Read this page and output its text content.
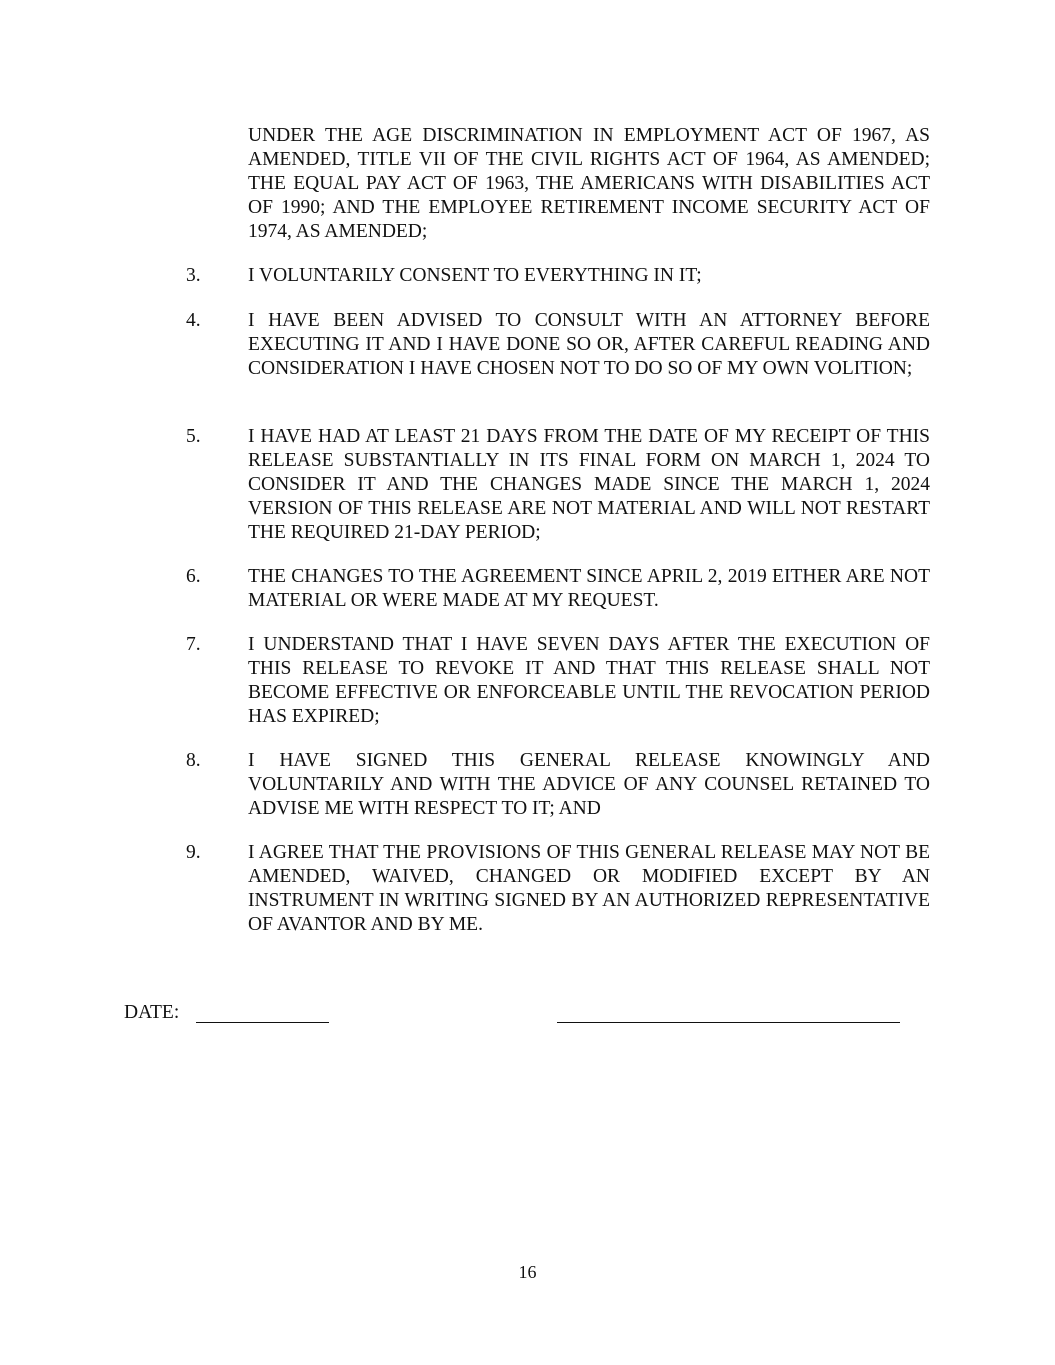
UNDER THE AGE DISCRIMINATION IN EMPLOYMENT ACT OF 1967, AS AMENDED, TITLE VII OF THE CIVIL RIGHTS ACT OF 1964, AS AMENDED; THE EQUAL PAY ACT OF 1963, THE AMERICANS WITH DISABILITIES ACT OF 1990; AND THE EMPLOYEE RETIREMENT INCOME SECURITY ACT OF 1974, AS AMENDED;

3. I VOLUNTARILY CONSENT TO EVERYTHING IN IT;

4. I HAVE BEEN ADVISED TO CONSULT WITH AN ATTORNEY BEFORE EXECUTING IT AND I HAVE DONE SO OR, AFTER CAREFUL READING AND CONSIDERATION I HAVE CHOSEN NOT TO DO SO OF MY OWN VOLITION;

5. I HAVE HAD AT LEAST 21 DAYS FROM THE DATE OF MY RECEIPT OF THIS RELEASE SUBSTANTIALLY IN ITS FINAL FORM ON MARCH 1, 2024 TO CONSIDER IT AND THE CHANGES MADE SINCE THE MARCH 1, 2024 VERSION OF THIS RELEASE ARE NOT MATERIAL AND WILL NOT RESTART THE REQUIRED 21-DAY PERIOD;

6. THE CHANGES TO THE AGREEMENT SINCE APRIL 2, 2019 EITHER ARE NOT MATERIAL OR WERE MADE AT MY REQUEST.

7. I UNDERSTAND THAT I HAVE SEVEN DAYS AFTER THE EXECUTION OF THIS RELEASE TO REVOKE IT AND THAT THIS RELEASE SHALL NOT BECOME EFFECTIVE OR ENFORCEABLE UNTIL THE REVOCATION PERIOD HAS EXPIRED;

8. I HAVE SIGNED THIS GENERAL RELEASE KNOWINGLY AND VOLUNTARILY AND WITH THE ADVICE OF ANY COUNSEL RETAINED TO ADVISE ME WITH RESPECT TO IT; AND

9. I AGREE THAT THE PROVISIONS OF THIS GENERAL RELEASE MAY NOT BE AMENDED, WAIVED, CHANGED OR MODIFIED EXCEPT BY AN INSTRUMENT IN WRITING SIGNED BY AN AUTHORIZED REPRESENTATIVE OF AVANTOR AND BY ME.

DATE:
16
